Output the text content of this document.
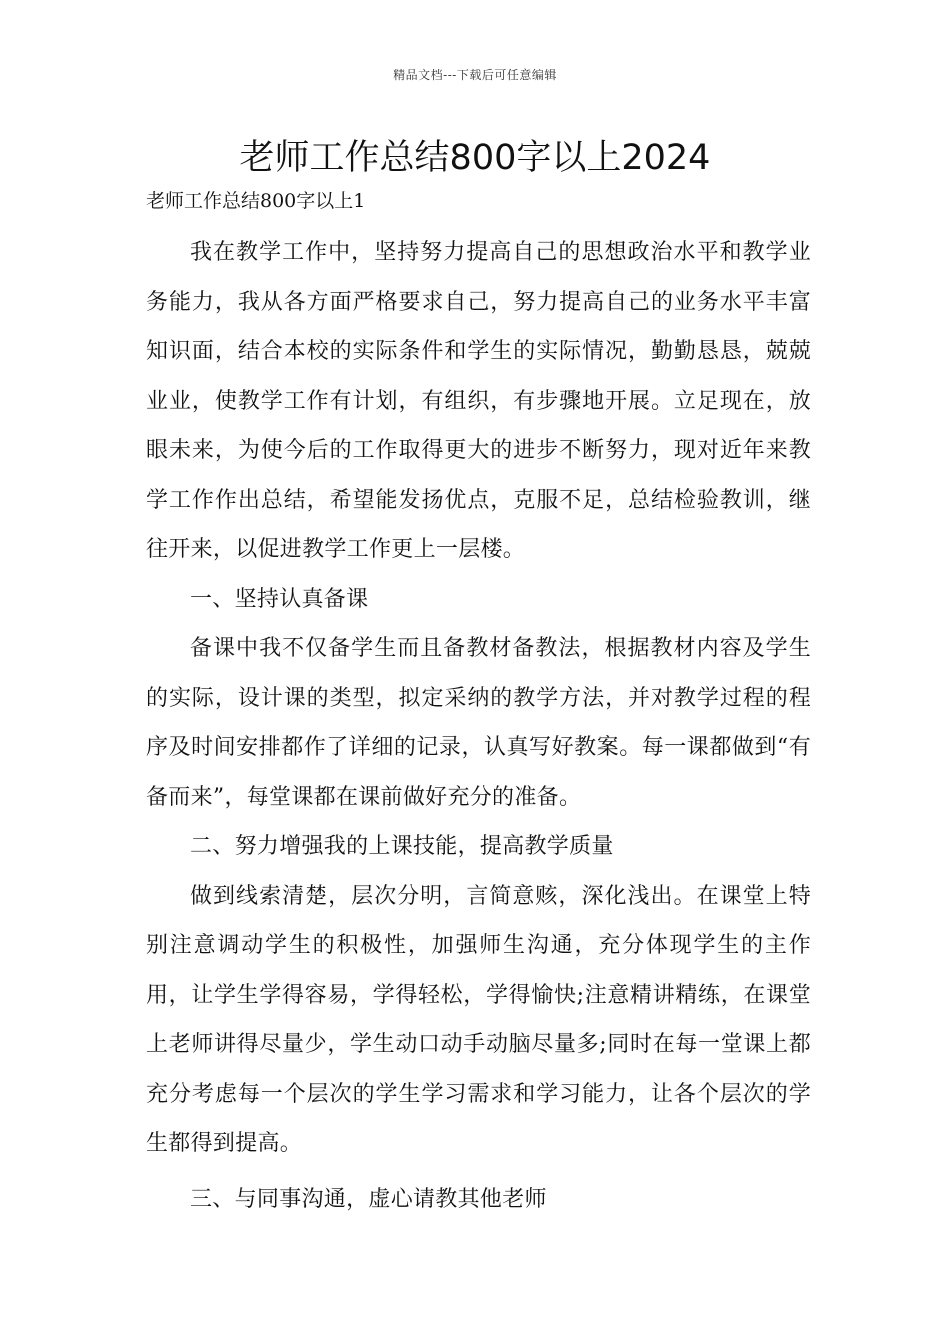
精品文档---下载后可任意编辑
老师工作总结800字以上2024
老师工作总结800字以上1

我在教学工作中，坚持努力提高自己的思想政治水平和教学业务能力，我从各方面严格要求自己，努力提高自己的业务水平丰富知识面，结合本校的实际条件和学生的实际情况，勤勤恳恳，兢兢业业，使教学工作有计划，有组织，有步骤地开展。立足现在，放眼未来，为使今后的工作取得更大的进步不断努力，现对近年来教学工作作出总结，希望能发扬优点，克服不足，总结检验教训，继往开来，以促进教学工作更上一层楼。

一、坚持认真备课

备课中我不仅备学生而且备教材备教法，根据教材内容及学生的实际，设计课的类型，拟定采纳的教学方法，并对教学过程的程序及时间安排都作了详细的记录，认真写好教案。每一课都做到“有备而来”，每堂课都在课前做好充分的准备。

二、努力增强我的上课技能，提高教学质量

做到线索清楚，层次分明，言简意赅，深化浅出。在课堂上特别注意调动学生的积极性，加强师生沟通，充分体现学生的主作用，让学生学得容易，学得轻松，学得愉快;注意精讲精练，在课堂上老师讲得尽量少，学生动口动手动脑尽量多;同时在每一堂课上都充分考虑每一个层次的学生学习需求和学习能力，让各个层次的学生都得到提高。

三、与同事沟通，虚心请教其他老师
